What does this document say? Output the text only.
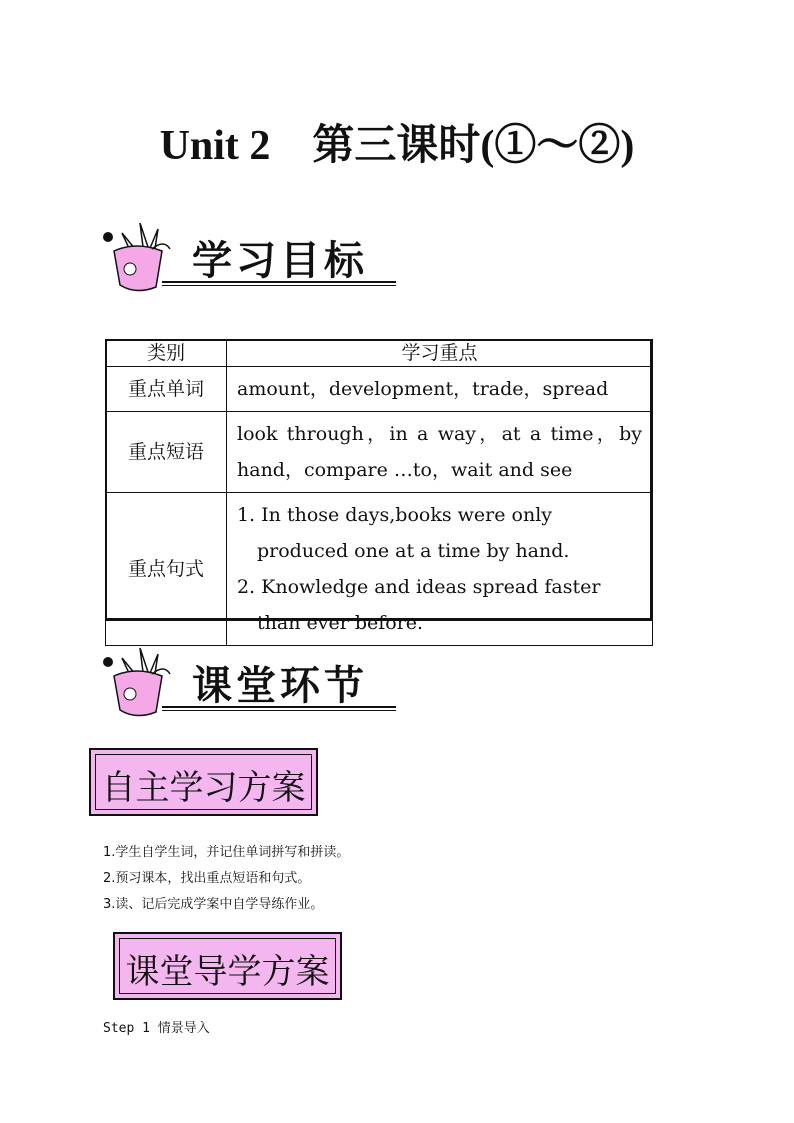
Unit 2　第三课时(①～②)
学习目标
类别	学习重点
重点单词	amount，development，trade，spread
重点短语	look through，in a way，at a time，by hand，compare …to，wait and see
重点句式	1. In those days,books were only produced one at a time by hand.
2. Knowledge and ideas spread faster than ever before.
课堂环节
自主学习方案
1.学生自学生词，并记住单词拼写和拼读。
2.预习课本，找出重点短语和句式。
3.读、记后完成学案中自学导练作业。
课堂导学方案
Step 1 情景导入
